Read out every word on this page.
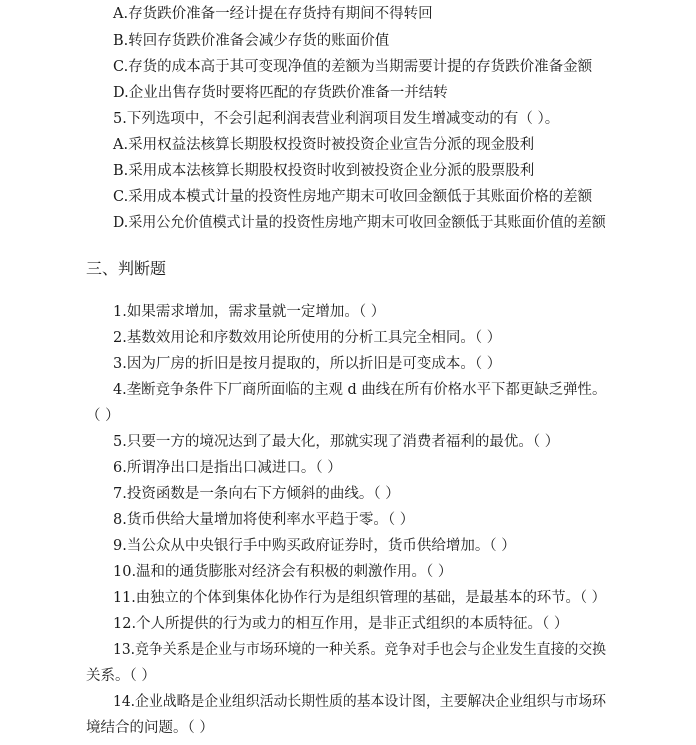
A.存货跌价准备一经计提在存货持有期间不得转回
B.转回存货跌价准备会减少存货的账面价值
C.存货的成本高于其可变现净值的差额为当期需要计提的存货跌价准备金额
D.企业出售存货时要将匹配的存货跌价准备一并结转
5.下列选项中，不会引起利润表营业利润项目发生增减变动的有（ ）。
A.采用权益法核算长期股权投资时被投资企业宣告分派的现金股利
B.采用成本法核算长期股权投资时收到被投资企业分派的股票股利
C.采用成本模式计量的投资性房地产期末可收回金额低于其账面价格的差额
D.采用公允价值模式计量的投资性房地产期末可收回金额低于其账面价值的差额
三、判断题
1.如果需求增加，需求量就一定增加。（ ）
2.基数效用论和序数效用论所使用的分析工具完全相同。（ ）
3.因为厂房的折旧是按月提取的，所以折旧是可变成本。（ ）
4.垄断竞争条件下厂商所面临的主观 d 曲线在所有价格水平下都更缺乏弹性。
（ ）
5.只要一方的境况达到了最大化，那就实现了消费者福利的最优。（ ）
6.所谓净出口是指出口减进口。（ ）
7.投资函数是一条向右下方倾斜的曲线。（ ）
8.货币供给大量增加将使利率水平趋于零。（ ）
9.当公众从中央银行手中购买政府证券时，货币供给增加。（ ）
10.温和的通货膨胀对经济会有积极的刺激作用。（ ）
11.由独立的个体到集体化协作行为是组织管理的基础，是最基本的环节。（ ）
12.个人所提供的行为或力的相互作用，是非正式组织的本质特征。（ ）
13.竞争关系是企业与市场环境的一种关系。竞争对手也会与企业发生直接的交换
关系。（ ）
14.企业战略是企业组织活动长期性质的基本设计图，主要解决企业组织与市场环
境结合的问题。（ ）
